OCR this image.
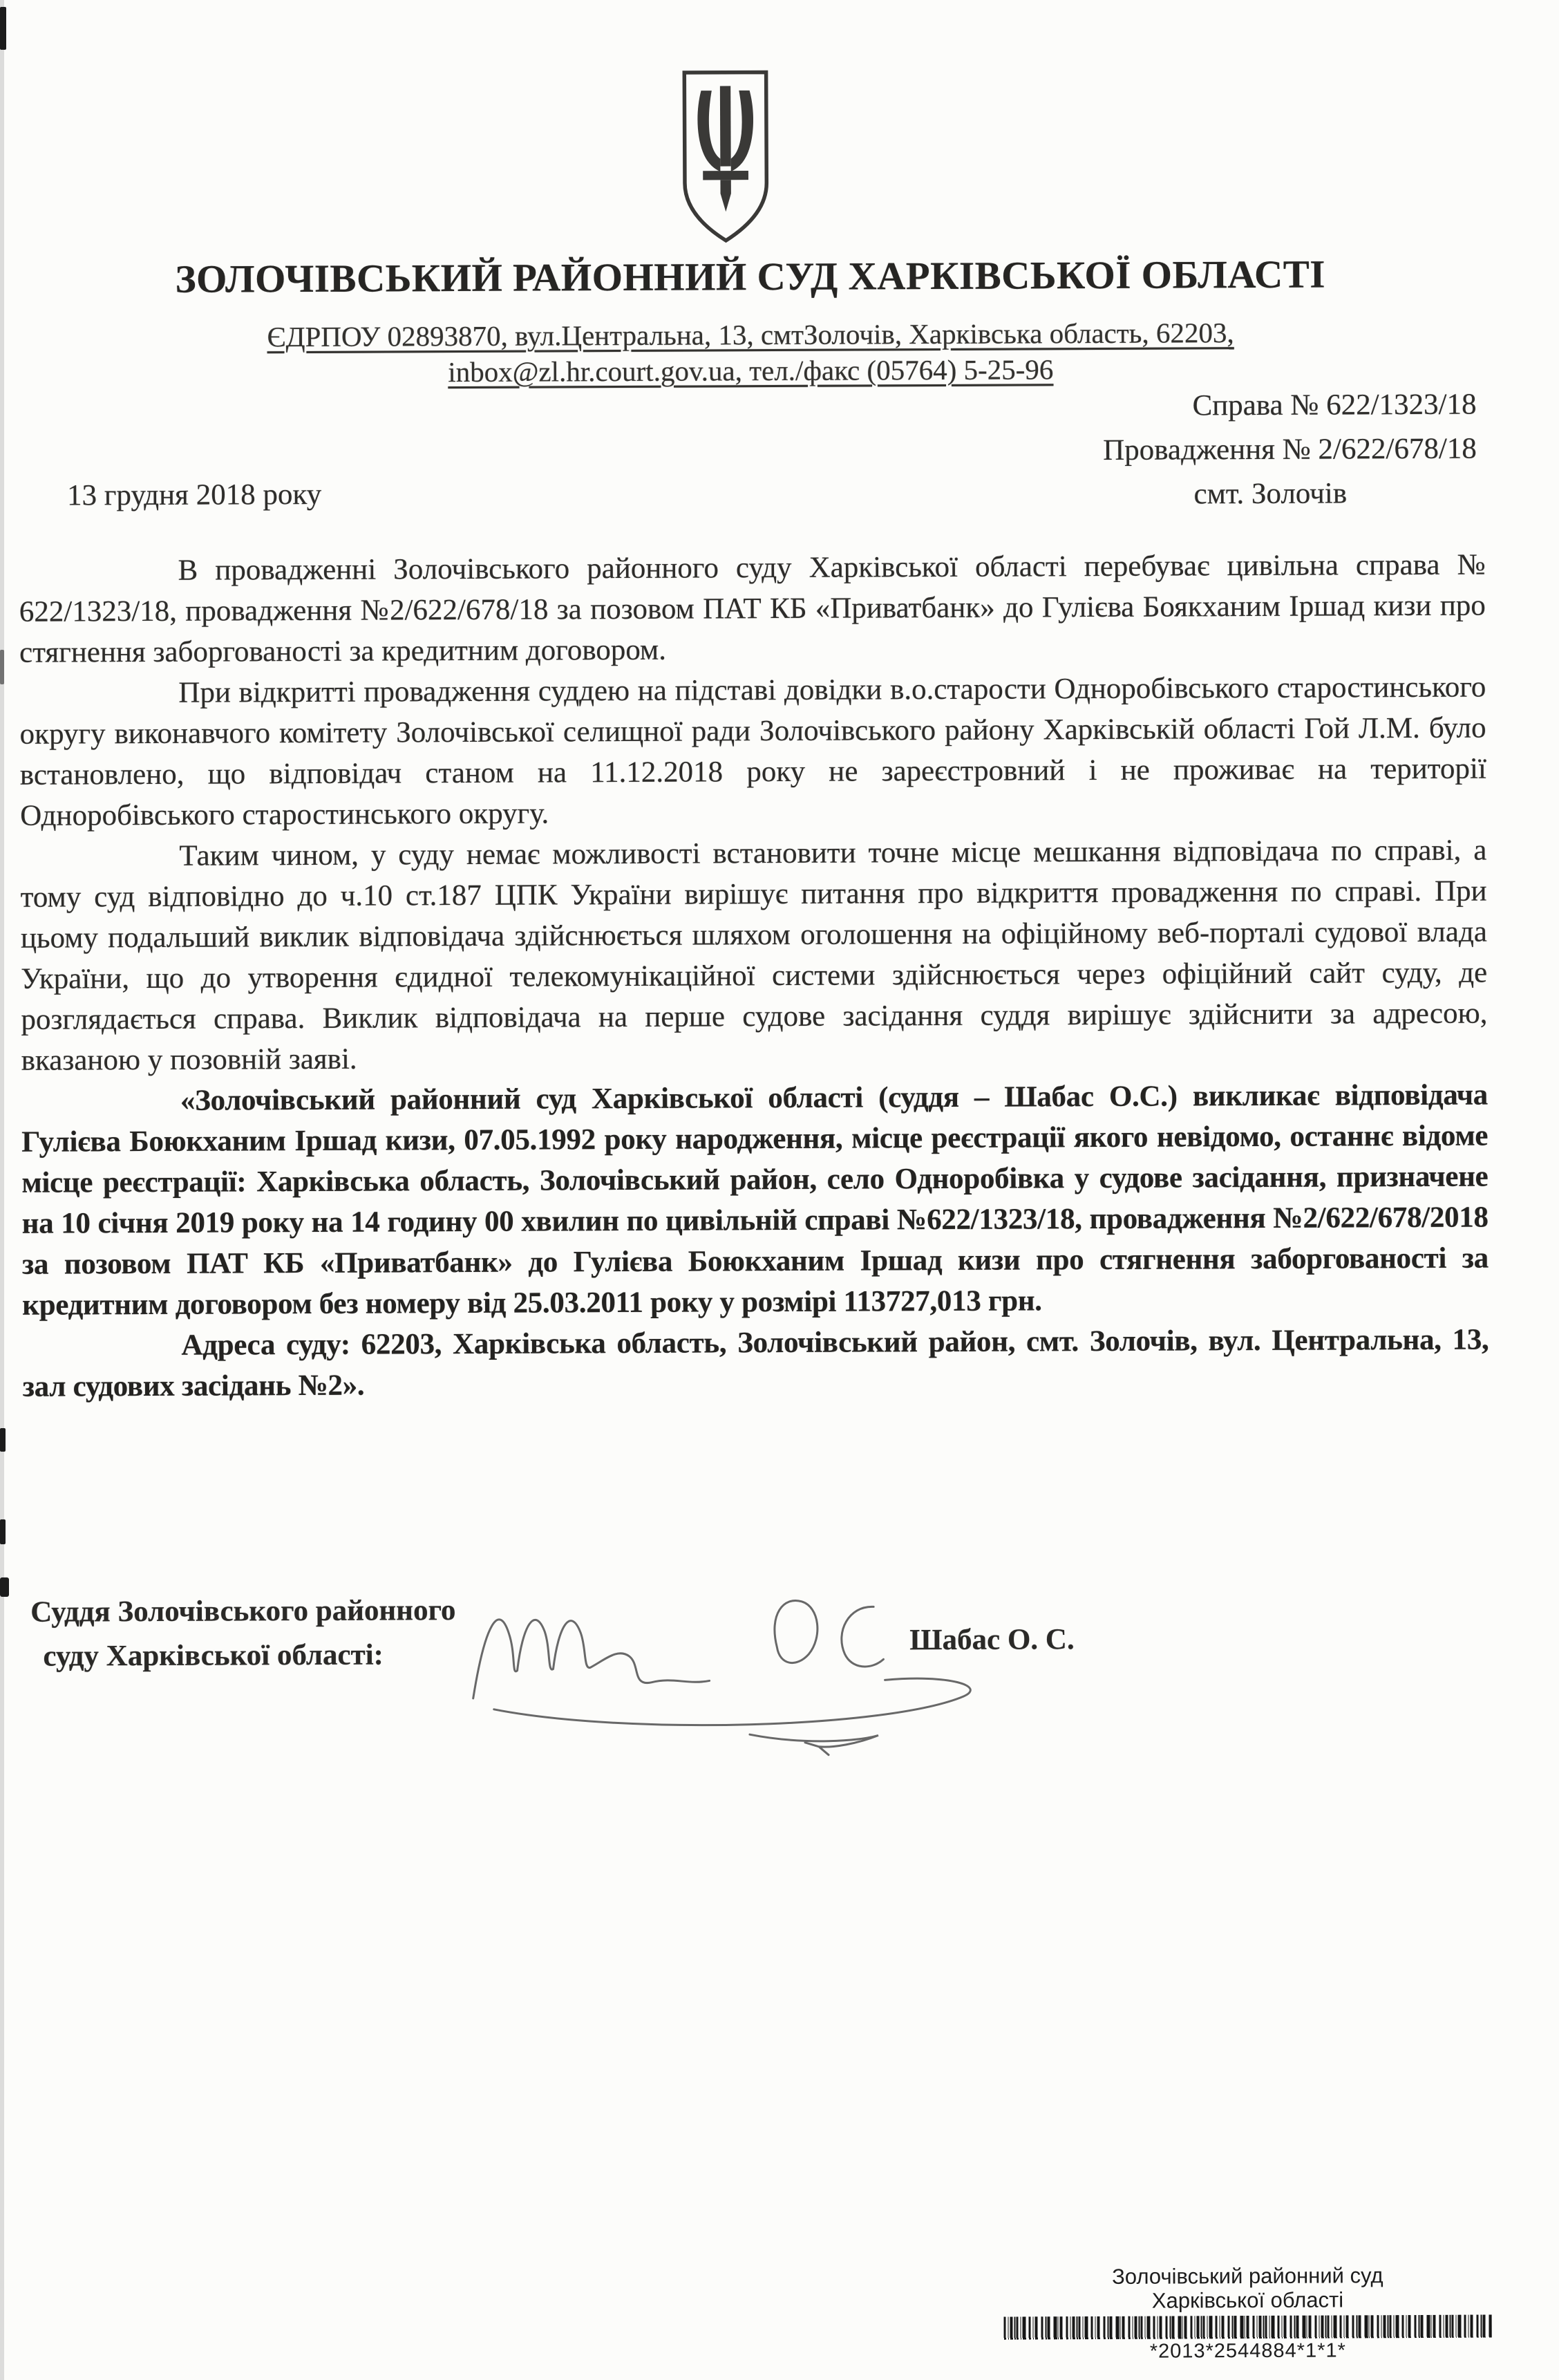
ЗОЛОЧІВСЬКИЙ РАЙОННИЙ СУД ХАРКІВСЬКОЇ ОБЛАСТІ
ЄДРПОУ 02893870, вул.Центральна, 13, смтЗолочів, Харківська область, 62203,
inbox@zl.hr.court.gov.ua, тел./факс (05764) 5-25-96
Справа № 622/1323/18
Провадження № 2/622/678/18
смт. Золочів
13 грудня 2018 року

В провадженні Золочівського районного суду Харківської області перебуває цивільна справа № 622/1323/18, провадження №2/622/678/18 за позовом ПАТ КБ «Приватбанк» до Гулієва Боякханим Іршад кизи про стягнення заборгованості за кредитним договором.

При відкритті провадження суддею на підставі довідки в.о.старости Одноробівського старостинського округу виконавчого комітету Золочівської селищної ради Золочівського району Харківській області Гой Л.М. було встановлено, що відповідач станом на 11.12.2018 року не зареєстровний і не проживає на території Одноробівського старостинського округу.

Таким чином, у суду немає можливості встановити точне місце мешкання відповідача по справі, а тому суд відповідно до ч.10 ст.187 ЦПК України вирішує питання про відкриття провадження по справі. При цьому подальший виклик відповідача здійснюється шляхом оголошення на офіційному веб-порталі судової влада України, що до утворення єдидної телекомунікаційної системи здійснюється через офіційний сайт суду, де розглядається справа. Виклик відповідача на перше судове засідання суддя вирішує здійснити за адресою, вказаною у позовній заяві.

«Золочівський районний суд Харківської області (суддя – Шабас О.С.) викликає відповідача Гулієва Боюкханим Іршад кизи, 07.05.1992 року народження, місце реєстрації якого невідомо, останнє відоме місце реєстрації: Харківська область, Золочівський район, село Одноробівка у судове засідання, призначене на 10 січня 2019 року на 14 годину 00 хвилин по цивільній справі №622/1323/18, провадження №2/622/678/2018 за позовом ПАТ КБ «Приватбанк» до Гулієва Боюкханим Іршад кизи про стягнення заборгованості за кредитним договором без номеру від 25.03.2011 року у розмірі 113727,013 грн.

Адреса суду: 62203, Харківська область, Золочівський район, смт. Золочів, вул. Центральна, 13, зал судових засідань №2».

Суддя Золочівського районного
суду Харківської області:	Шабас О. С.
Золочівський районний суд
Харківської області
*2013*2544884*1*1*
